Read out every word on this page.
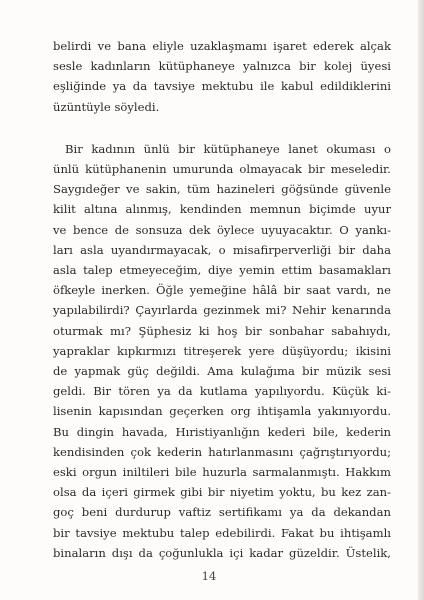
belirdi ve bana eliyle uzaklaşmamı işaret ederek alçak
sesle kadınların kütüphaneye yalnızca bir kolej üyesi
eşliğinde ya da tavsiye mektubu ile kabul edildiklerini
üzüntüyle söyledi.

Bir kadının ünlü bir kütüphaneye lanet okuması o
ünlü kütüphanenin umurunda olmayacak bir meseledir.
Saygıdeğer ve sakin, tüm hazineleri göğsünde güvenle
kilit altına alınmış, kendinden memnun biçimde uyur
ve bence de sonsuza dek öylece uyuyacaktır. O yankı-
ları asla uyandırmayacak, o misafirperverliği bir daha
asla talep etmeyeceğim, diye yemin ettim basamakları
öfkeyle inerken. Öğle yemeğine hâlâ bir saat vardı, ne
yapılabilirdi? Çayırlarda gezinmek mi? Nehir kenarında
oturmak mı? Şüphesiz ki hoş bir sonbahar sabahıydı,
yapraklar kıpkırmızı titreşerek yere düşüyordu; ikisini
de yapmak güç değildi. Ama kulağıma bir müzik sesi
geldi. Bir tören ya da kutlama yapılıyordu. Küçük ki-
lisenin kapısından geçerken org ihtişamla yakınıyordu.
Bu dingin havada, Hıristiyanlığın kederi bile, kederin
kendisinden çok kederin hatırlanmasını çağrıştırıyordu;
eski orgun iniltileri bile huzurla sarmalanmıştı. Hakkım
olsa da içeri girmek gibi bir niyetim yoktu, bu kez zan-
goç beni durdurup vaftiz sertifikamı ya da dekandan
bir tavsiye mektubu talep edebilirdi. Fakat bu ihtişamlı
binaların dışı da çoğunlukla içi kadar güzeldir. Üstelik,

14
